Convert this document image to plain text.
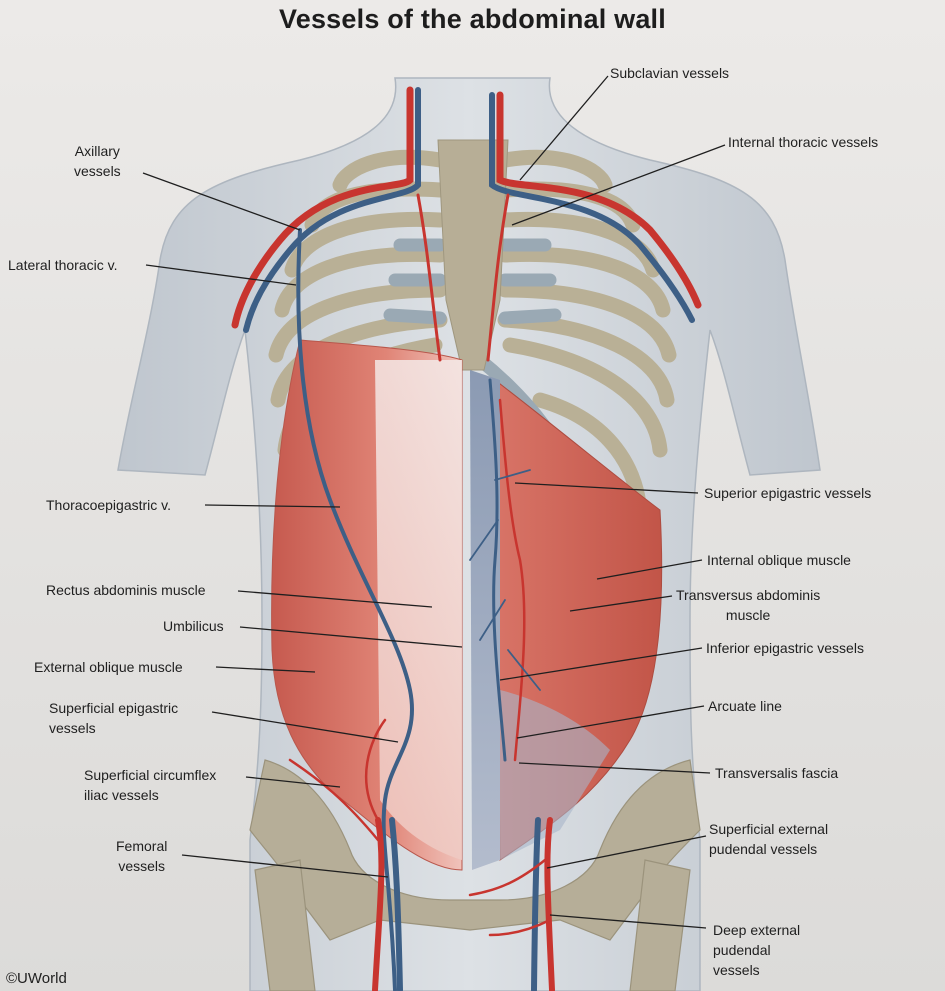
Vessels of the abdominal wall
Axillary
vessels
Lateral thoracic v.
Thoracoepigastric v.
Rectus abdominis muscle
Umbilicus
External oblique muscle
Superficial epigastric
vessels
Superficial circumflex
iliac vessels
Femoral
vessels
Subclavian vessels
Internal thoracic vessels
Superior epigastric vessels
Internal oblique muscle
Transversus abdominis
muscle
Inferior epigastric vessels
Arcuate line
Transversalis fascia
Superficial external
pudendal vessels
Deep external
pudendal
vessels
©UWorld
